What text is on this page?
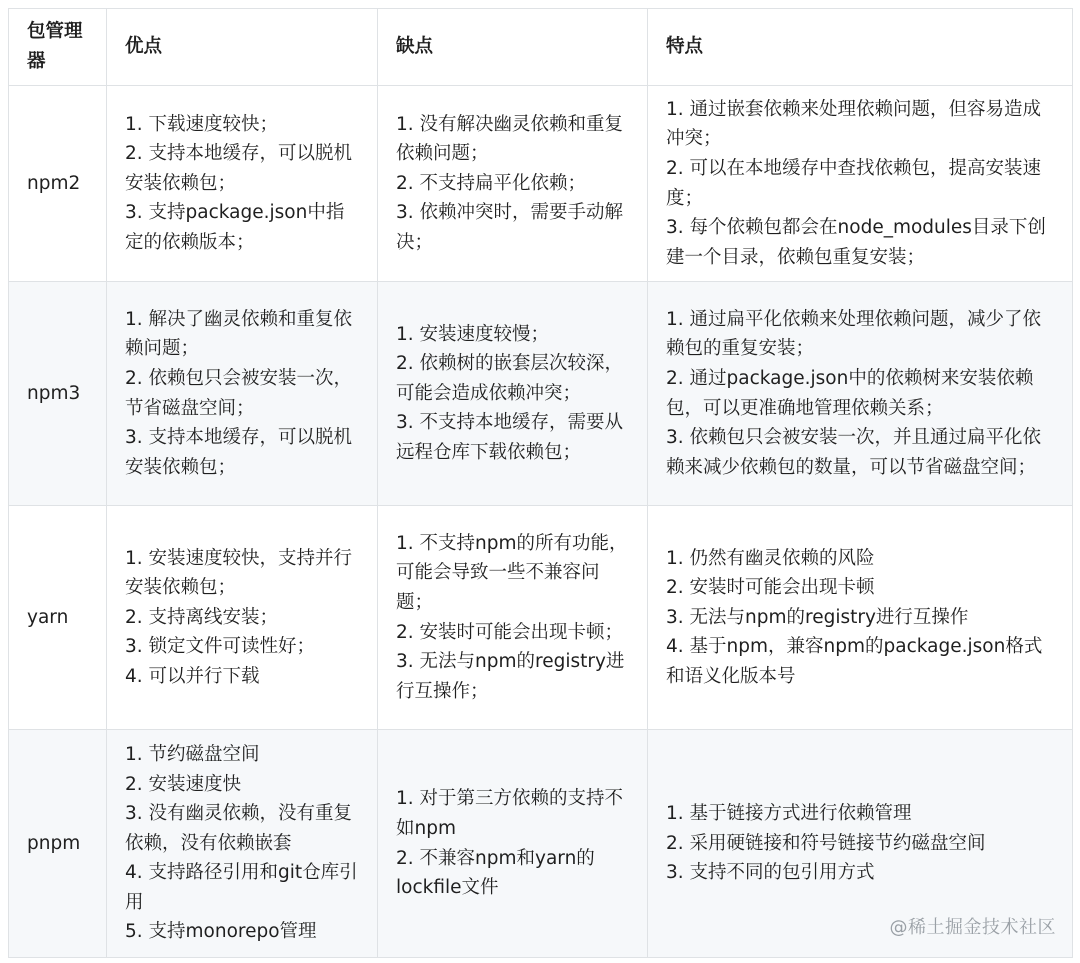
包管理器	优点	缺点	特点
npm2	1. 下载速度较快；
2. 支持本地缓存，可以脱机安装依赖包；
3. 支持package.json中指定的依赖版本；	1. 没有解决幽灵依赖和重复依赖问题；
2. 不支持扁平化依赖；
3. 依赖冲突时，需要手动解决；	1. 通过嵌套依赖来处理依赖问题，但容易造成冲突；
2. 可以在本地缓存中查找依赖包，提高安装速度；
3. 每个依赖包都会在node_modules目录下创建一个目录，依赖包重复安装；

npm3	1. 解决了幽灵依赖和重复依赖问题；
2. 依赖包只会被安装一次，节省磁盘空间；
3. 支持本地缓存，可以脱机安装依赖包；	1. 安装速度较慢；
2. 依赖树的嵌套层次较深，可能会造成依赖冲突；
3. 不支持本地缓存，需要从远程仓库下载依赖包；	1. 通过扁平化依赖来处理依赖问题，减少了依赖包的重复安装；
2. 通过package.json中的依赖树来安装依赖包，可以更准确地管理依赖关系；
3. 依赖包只会被安装一次，并且通过扁平化依赖来减少依赖包的数量，可以节省磁盘空间；

yarn	1. 安装速度较快，支持并行安装依赖包；
2. 支持离线安装；
3. 锁定文件可读性好；
4. 可以并行下载	1. 不支持npm的所有功能，可能会导致一些不兼容问题；
2. 安装时可能会出现卡顿；
3. 无法与npm的registry进行互操作；	1. 仍然有幽灵依赖的风险
2. 安装时可能会出现卡顿
3. 无法与npm的registry进行互操作
4. 基于npm，兼容npm的package.json格式和语义化版本号

pnpm	1. 节约磁盘空间
2. 安装速度快
3. 没有幽灵依赖，没有重复依赖，没有依赖嵌套
4. 支持路径引用和git仓库引用
5. 支持monorepo管理	1. 对于第三方依赖的支持不如npm
2. 不兼容npm和yarn的lockfile文件	1. 基于链接方式进行依赖管理
2. 采用硬链接和符号链接节约磁盘空间
3. 支持不同的包引用方式
@稀土掘金技术社区
